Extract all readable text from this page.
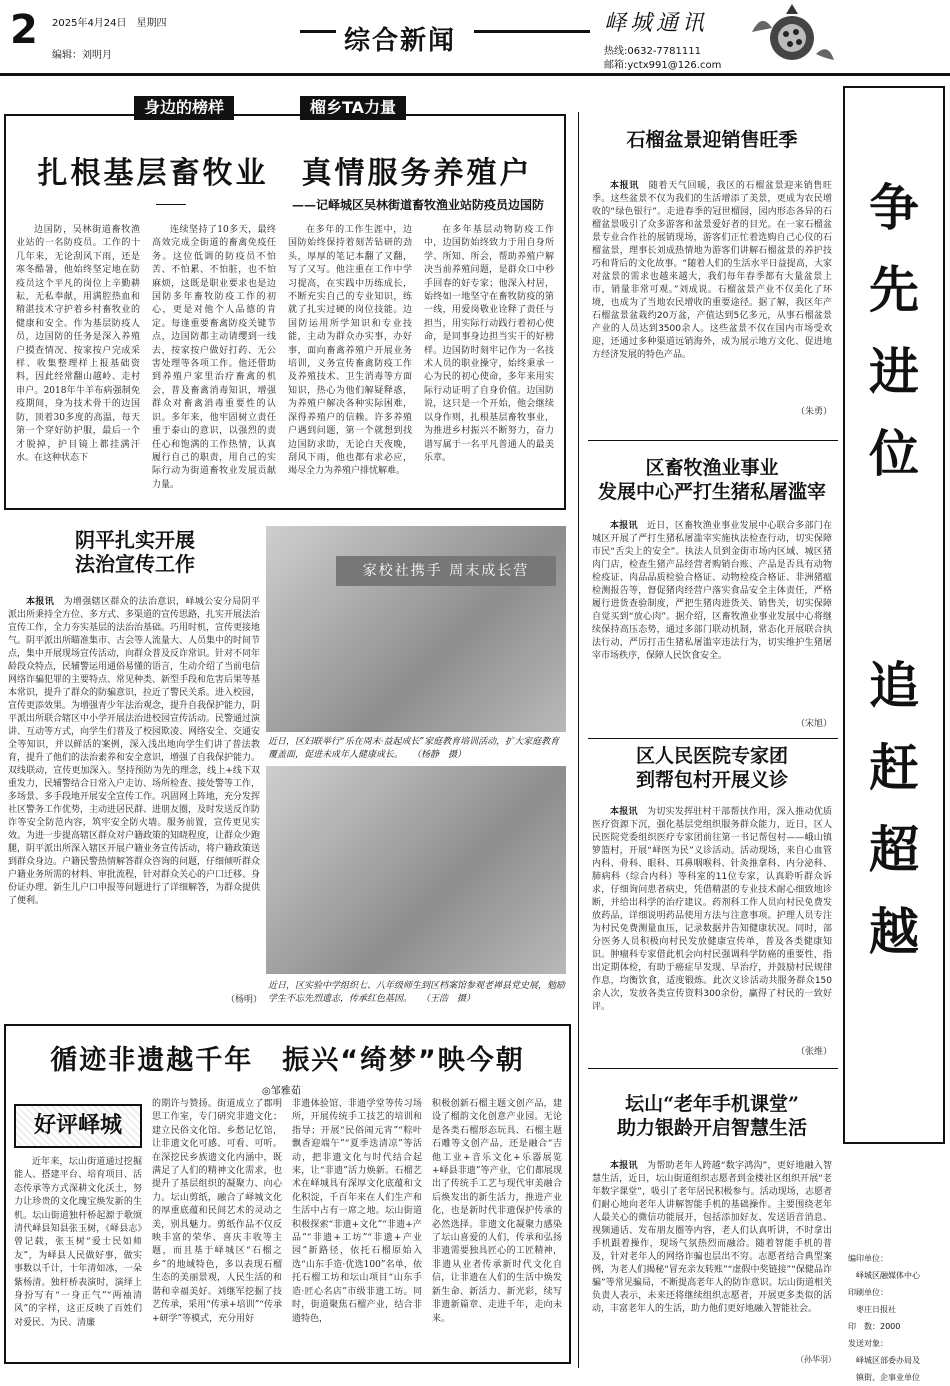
2 2025年4月24日　星期四
编辑：刘明月	综合新闻
峄城通讯
热线:0632-7781111
邮箱:yctx991@126.com
身边的榜样	榴乡TA力量
扎根基层畜牧业　真情服务养殖户
——记峄城区吴林街道畜牧渔业站防疫员边国防

边国防，吴林街道畜牧渔业站的一名防疫员。工作的十几年来，无论刮风下雨，还是寒冬酷暑，他始终坚定地在防疫员这个平凡的岗位上辛勤耕耘，无私奉献，用满腔热血和精湛技术守护着乡村畜牧业的健康和安全。作为基层防疫人员，边国防的任务是深入养殖户摸查情况、按家按户完成采样、收集整理样上报基础资料，因此经常翻山越岭、走村串户。2018年牛羊布病强制免疫期间，身为技术骨干的边国防，顶着30多度的高温，每天第一个穿好防护服，最后一个才脱掉，护目镜上都挂满汗水。在这种状态下

连续坚持了10多天，最终高效完成全街道的畜禽免疫任务。这位低调的防疫员不怕苦、不怕累、不怕脏，也不怕麻烦，这既是职业要求也是边国防多年畜牧防疫工作的初心，更是对他个人品德的肯定。每逢重要畜禽防疫关键节点，边国防都主动请缨到一线去，按家按户做好打药、无公害处理等各项工作。他还借助到养殖户家里治疗畜禽的机会，普及畜禽消毒知识，增强群众对畜禽消毒重要性的认识。多年来，他牢固树立责任重于泰山的意识，以强烈的责任心和饱满的工作热情，认真履行自己的职责，用自己的实际行动为街道畜牧业发展贡献力量。

在多年的工作生涯中，边国防始终保持着刻苦钻研的劲头，厚厚的笔记本翻了又翻，写了又写。他注重在工作中学习提高，在实践中历练成长，不断充实自己的专业知识，练就了扎实过硬的岗位技能。边国防运用所学知识和专业技能，主动为群众办实事，办好事，面向畜禽养殖户开展业务培训，义务宣传畜禽防疫工作及养殖技术、卫生消毒等方面知识，热心为他们解疑释惑，为养殖户解决各种实际困难，深得养殖户的信赖。许多养殖户遇到问题，第一个就想到找边国防求助，无论白天夜晚，刮风下雨，他也都有求必应，竭尽全力为养殖户排忧解难。

在多年基层动物防疫工作中，边国防始终致力于用自身所学、所知、所会，帮助养殖户解决当前养殖问题，是群众口中秒手回春的好专家；他深入村居，始终如一地坚守在畜牧防疫的第一线，用爱岗敬业诠释了责任与担当，用实际行动践行着初心使命，是同事身边担当实干的好榜样。边国防时刻牢记作为一名技术人员的职业操守，始终秉承一心为民的初心使命，多年来用实际行动证明了自身价值。边国防说，这只是一个开始，他会继续以身作则，扎根基层畜牧事业，为推进乡村振兴不断努力，奋力谱写属于一名平凡普通人的最美乐章。

阴平扎实开展
法治宣传工作

本报讯　 为增强辖区群众的法治意识，峄城公安分局阴平派出所秉持全方位、多方式、多渠道的宣传思路，扎实开展法治宣传工作，全力夯实基层的法治治基础。巧用时机，宣传更接地气。阴平派出所瞄准集市、古会等人流量大、人员集中的时间节点，集中开展现场宣传活动，向群众普及反诈常识。针对不同年龄段众特点，民辅警运用通俗易懂的语言，生动介绍了当前电信网络诈骗犯罪的主要特点、常见种类、新型手段和危害后果等基本常识，提升了群众的防骗意识，拉近了警民关系。进入校园，宣传更添效果。为增强青少年法治观念，提升自我保护能力，阴平派出所联合辖区中小学开展法治进校园宣传活动。民警通过演讲、互动等方式，向学生们普及了校园欺凌、网络安全、交通安全等知识，并以鲜活的案例，深入浅出地向学生们讲了普法教育，提升了他们的法治素养和安全意识，增强了自我保护能力。双线联动，宣传更加深入。坚持预防为先的理念，线上+线下双重发力，民辅警结合日常入户走访、场所检查、接处警等工作，多场景、多手段地开展安全宣传工作。巩固网上阵地，充分发挥社区警务工作优势，主动进居民群、进朋友圈，及时发送反诈防诈等安全防范内容，筑牢安全防火墙。服务前置，宣传更见实效。为进一步提高辖区群众对户籍政策的知晓程度，让群众少跑腿，阴平派出所深入辖区开展户籍业务宣传活动，将户籍政策送到群众身边。户籍民警热情解答群众咨询的问题，仔细倾听群众户籍业务所需的材料、审批流程，针对群众关心的户口迁移、身份证办理、新生儿户口申报等问题进行了详细解答，为群众提供了便利。

（杨明）
家校社携手 周末成长营
近日，区妇联举行“乐在周末·益起成长”家庭教育培训活动，扩大家庭教育覆盖面，促进未成年人健康成长。　　（杨静　摄）
近日，区实验中学组织七、八年级师生到区档案馆参观老禅县党史展，勉励学生不忘先烈遗志，传承红色基因。　　（王浩　摄）
石榴盆景迎销售旺季

本报讯　 随着天气回暖，我区的石榴盆景迎来销售旺季。这些盆景不仅为我们的生活增添了美景，更成为农民增收的“绿色银行”。走进春季的冠世榴园，园内形态各异的石榴盆景吸引了众多游客和盆景爱好者的目光。在一家石榴盆景专业合作社的展销现场，游客们正忙着选购自己心仪的石榴盆景，理事长刘成热情地为游客们讲解石榴盆景的养护技巧和背后的文化故事。“随着人们的生活水平日益提高，大家对盆景的需求也越来越大，我们每年春季都有大量盆景上市，销量非常可观。”刘成说。石榴盆景产业不仅美化了环境，也成为了当地农民增收的重要途径。据了解，我区年产石榴盆景盆栽约20万盆，产值达到5亿多元，从事石榴盆景产业的人员达到3500余人。这些盆景不仅在国内市场受欢迎，还通过多种渠道远销海外，成为展示地方文化、促进地方经济发展的特色产品。

（朱勇）
区畜牧渔业事业
发展中心严打生猪私屠滥宰

本报讯　 近日，区畜牧渔业事业发展中心联合多部门在城区开展了严打生猪私屠滥宰实施执法检查行动，切实保障市民“舌尖上的安全”。执法人员到金街市场内区域、城区猪肉门店，检查生猪产品经营者购销台账、产品是否具有动物检疫证、肉品品质检验合格证、动物检疫合格证、非洲猪瘟检测报告等，督促猪肉经营户落实食品安全主体责任，严格履行进货查验制度，严把生猪肉进货关、销售关，切实保障自觉买到“放心肉”。据介绍，区畜牧渔业事业发展中心将继续保持高压态势，通过多部门联动机制，常态化开展联合执法行动，严厉打击生猪私屠滥宰违法行为，切实维护生猪屠宰市场秩序，保障人民饮食安全。

（宋旭）
区人民医院专家团
到帮包村开展义诊

本报讯　 为切实发挥驻村干部帮扶作用，深入推动优质医疗资源下沉，强化基层党组织服务群众能力，近日，区人民医院党委组织医疗专家团前往第一书记帮包村——峨山镇箩篮村，开展“峄医为民”义诊活动。活动现场，来自心血管内科、骨科、眼科、耳鼻咽喉科、针灸推拿科、内分泌科、肺病科（综合内科）等科室的11位专家，认真聆听群众诉求，仔细询问患者病史，凭借精湛的专业技术耐心细致地诊断，并给出科学的治疗建议。药剂科工作人员向村民免费发放药品，详细说明药品使用方法与注意事项。护理人员专注为村民免费测量血压，记录数据并告知健康状况。同时，部分医务人员积极向村民发放健康宣传单，普及各类健康知识。肿瘤科专家借此机会向村民强调科学防癌的重要性，指出定期体检，有助于癌症早发现、早治疗，并鼓励村民规律作息，均衡饮食，适度锻炼。此次义诊活动共服务群众150余人次，发放各类宣传资料300余份，赢得了村民的一致好评。

（张维）
坛山“老年手机课堂”
助力银龄开启智慧生活

本报讯　 为帮助老年人跨越“数字鸿沟”，更好地融入智慧生活，近日，坛山街道组织志愿者到金楼社区组织开展“老年数字课堂”，吸引了老年居民积极参与。活动现场，志愿者们耐心地向老年人讲解智能手机的基础操作。主要围绕老年人最关心的微信功能展开，包括添加好友、发送语音消息、视频通话、发布朋友圈等内容，老人们认真听讲，不时拿出手机跟着操作，现场气氛热烈而融洽。随着智能手机的普及，针对老年人的网络诈骗也层出不穷。志愿者结合典型案例，为老人们揭秘“冒充亲友转账”“虚假中奖链接”“保健品诈骗”等常见骗局，不断提高老年人的防诈意识。坛山街道相关负责人表示，未来还将继续组织志愿者，开展更多类似的活动，丰富老年人的生活，助力他们更好地融入智能社会。

（孙华羽）
争
先
进
位
追
赶
超
越
编印单位：
　峄城区融媒体中心
印刷单位：
　枣庄日报社
印　数：2000
发送对象：
　峄城区部委办局及
　镇街、企事业单位
循迹非遗越千年　振兴“绮梦”映今朝
◎邹雅茹
好评峄城

近年来，坛山街道通过挖掘能人、搭建平台、培育项目、活态传承等方式深耕文化沃土，努力让珍贵的文化瑰宝焕发新的生机。坛山街道独杆桥起源于歌颂清代峄县知县张玉树，《峄县志》曾记载，张玉树“爱士民如师友”，为峄县人民做好事，做实事数以千计，十年清如冰，一朵紫杨清。独杆桥表演时，演绎上身扮写有“一身正气”“两袖清风”的字样，这正反映了百姓们对爱民、为民、清廉

的期许与赞扬。街道成立了郡明思工作室，专门研究非遗文化；建立民俗文化馆、乡愁记忆馆，让非遗文化可感、可看、可听。在深挖民乡族遗文化内涵中，既满足了人们的精神文化需求，也提升了基层组织的凝聚力、向心力。坛山剪纸，融合了峄城文化的厚重底蕴和民间艺术的灵动之美，别具魅力。剪纸作品不仅反映丰富的荣华、喜庆丰收等主题，而且基于峄城区“石榴之乡”的地域特色，多以表现石榴生态的美丽景观，人民生活的和谐和幸福美好。刘继军挖掘了技艺传承，采用“传承+培训”“传承+研学”等模式，充分用好

非遗体验馆、非遗学堂等传习场所，开展传统手工技艺的培训和指导；开展“民俗闹元宵”“粽叶飘香迎端午”“夏季迭清凉”等活动，把非遗文化与时代结合起来，让“非遗”活力焕新。石榴艺术在峄城具有深厚文化底蕴和文化积淀，千百年来在人们生产和生活中占有一席之地。坛山街道积极探索“非遗+文化”“非遗+产品”“非遗+工坊”“非遗+产业园”新路径，依托石榴原始入选“山东手造·优选100”名单，依托石榴工坊和坛山项目“山东手造·匠心名店”市级非遗工坊。同时，街道聚焦石榴产业，结合非遗特色，

积极创新石榴主题文创产品，建设了榴韵文化创意产业园。无论是各类石榴形态玩具、石榴主题石雕等文创产品，还是融合“吉他工业+音乐文化+乐器展览+峄县非遗”等产业，它们都展现出了传统手工艺与现代审美融合后焕发出的新生活力，推进产业化，也是新时代非遗保护传承的必然选择。非遗文化凝聚力感染了坛山喜爱的人们，传承和弘扬非遗需要独具匠心的工匠精神，非遗从业者传承新时代文化自信，让非遗在人们的生活中焕发新生命、新活力、新光彩，续写非遗新篇章、走进千年，走向未来。
